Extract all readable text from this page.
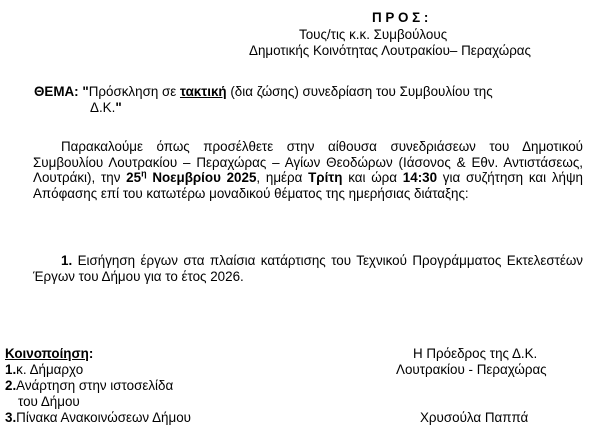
Π Ρ Ο Σ :
Τους/τις κ.κ. Συμβούλους
Δημοτικής Κοινότητας Λουτρακίου– Περαχώρας
ΘΕΜΑ: "Πρόσκληση σε τακτική (δια ζώσης) συνεδρίαση του Συμβουλίου της
Δ.Κ."
Παρακαλούμε όπως προσέλθετε στην αίθουσα συνεδριάσεων του Δημοτικού Συμβουλίου Λουτρακίου – Περαχώρας – Αγίων Θεοδώρων (Ιάσονος & Εθν. Αντιστάσεως, Λουτράκι), την $25^\eta$ Νοεμβρίου 2025, ημέρα Τρίτη και ώρα 14:30 για συζήτηση και λήψη Απόφασης επί του κατωτέρω μοναδικού θέματος της ημερήσιας διάταξης:
1. Εισήγηση έργων στα πλαίσια κατάρτισης του Τεχνικού Προγράμματος Εκτελεστέων Έργων του Δήμου για το έτος 2026.
Κοινοποίηση:
1.κ. Δήμαρχο
2.Ανάρτηση στην ιστοσελίδα
του Δήμου
3.Πίνακα Ανακοινώσεων Δήμου
Η Πρόεδρος της Δ.Κ.
Λουτρακίου - Περαχώρας
Χρυσούλα Παππά
